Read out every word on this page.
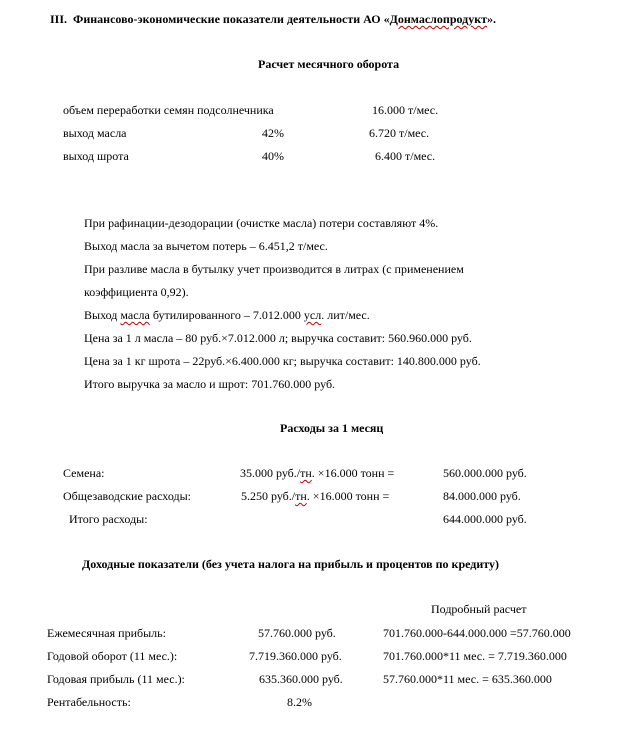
III. Финансово-экономические показатели деятельности АО «Донмаслопродукт».
Расчет месячного оборота
объем переработки семян подсолнечника	16.000 т/мес.
выход масла	42%	6.720 т/мес.
выход шрота	40%	6.400 т/мес.
При рафинации-дезодорации (очистке масла) потери составляют 4%.
Выход масла за вычетом потерь – 6.451,2 т/мес.
При разливе масла в бутылку учет производится в литрах (с применением
коэффициента 0,92).
Выход масла бутилированного – 7.012.000 усл. лит/мес.
Цена за 1 л масла – 80 руб.×7.012.000 л; выручка составит: 560.960.000 руб.
Цена за 1 кг шрота – 22руб.×6.400.000 кг; выручка составит: 140.800.000 руб.
Итого выручка за масло и шрот: 701.760.000 руб.
Расходы за 1 месяц
Семена:	35.000 руб./тн. ×16.000 тонн =	560.000.000 руб.
Общезаводские расходы:	5.250 руб./тн. ×16.000 тонн =	84.000.000 руб.
Итого расходы:	644.000.000 руб.
Доходные показатели (без учета налога на прибыль и процентов по кредиту)
Подробный расчет
Ежемесячная прибыль:	57.760.000 руб.	701.760.000-644.000.000 =57.760.000
Годовой оборот (11 мес.):	7.719.360.000 руб.	701.760.000*11 мес. = 7.719.360.000
Годовая прибыль (11 мес.):	635.360.000 руб.	57.760.000*11 мес. = 635.360.000
Рентабельность:	8.2%
